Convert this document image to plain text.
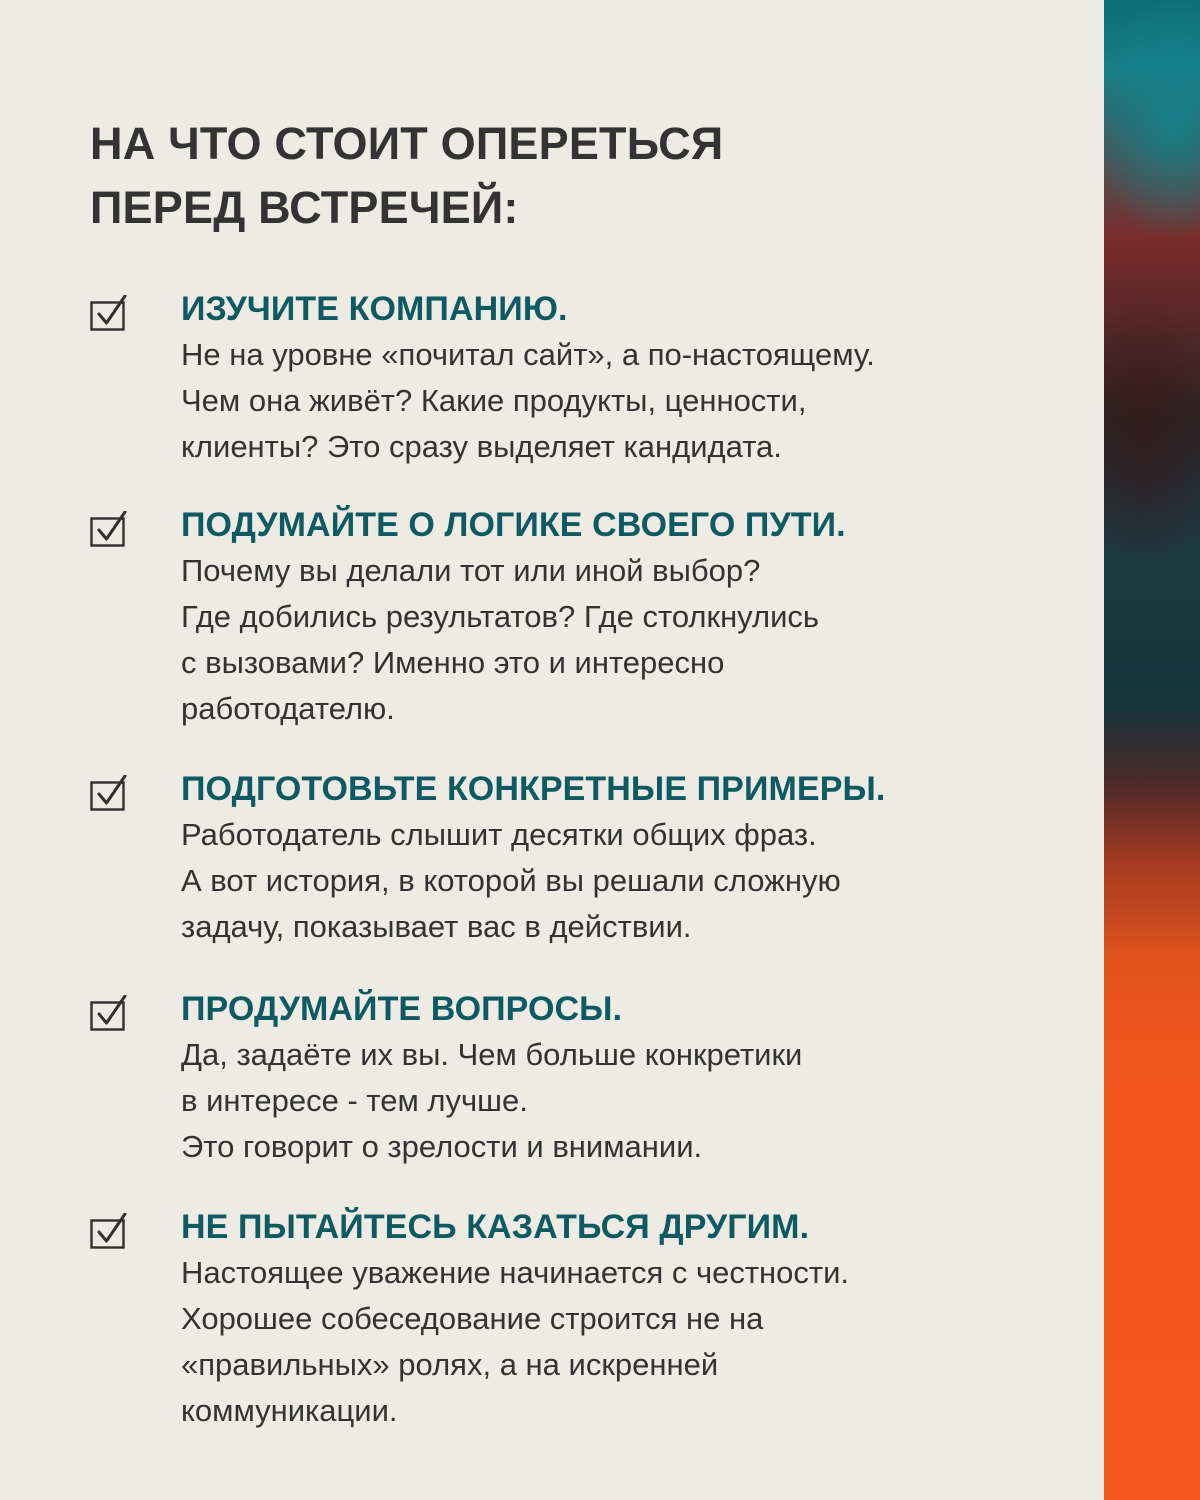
НА ЧТО СТОИТ ОПЕРЕТЬСЯ
ПЕРЕД ВСТРЕЧЕЙ:
ИЗУЧИТЕ КОМПАНИЮ.
Не на уровне «почитал сайт», а по-настоящему.
Чем она живёт? Какие продукты, ценности,
клиенты? Это сразу выделяет кандидата.
ПОДУМАЙТЕ О ЛОГИКЕ СВОЕГО ПУТИ.
Почему вы делали тот или иной выбор?
Где добились результатов? Где столкнулись
с вызовами? Именно это и интересно
работодателю.
ПОДГОТОВЬТЕ КОНКРЕТНЫЕ ПРИМЕРЫ.
Работодатель слышит десятки общих фраз.
А вот история, в которой вы решали сложную
задачу, показывает вас в действии.
ПРОДУМАЙТЕ ВОПРОСЫ.
Да, задаёте их вы. Чем больше конкретики
в интересе - тем лучше.
Это говорит о зрелости и внимании.
НЕ ПЫТАЙТЕСЬ КАЗАТЬСЯ ДРУГИМ.
Настоящее уважение начинается с честности.
Хорошее собеседование строится не на
«правильных» ролях, а на искренней
коммуникации.
